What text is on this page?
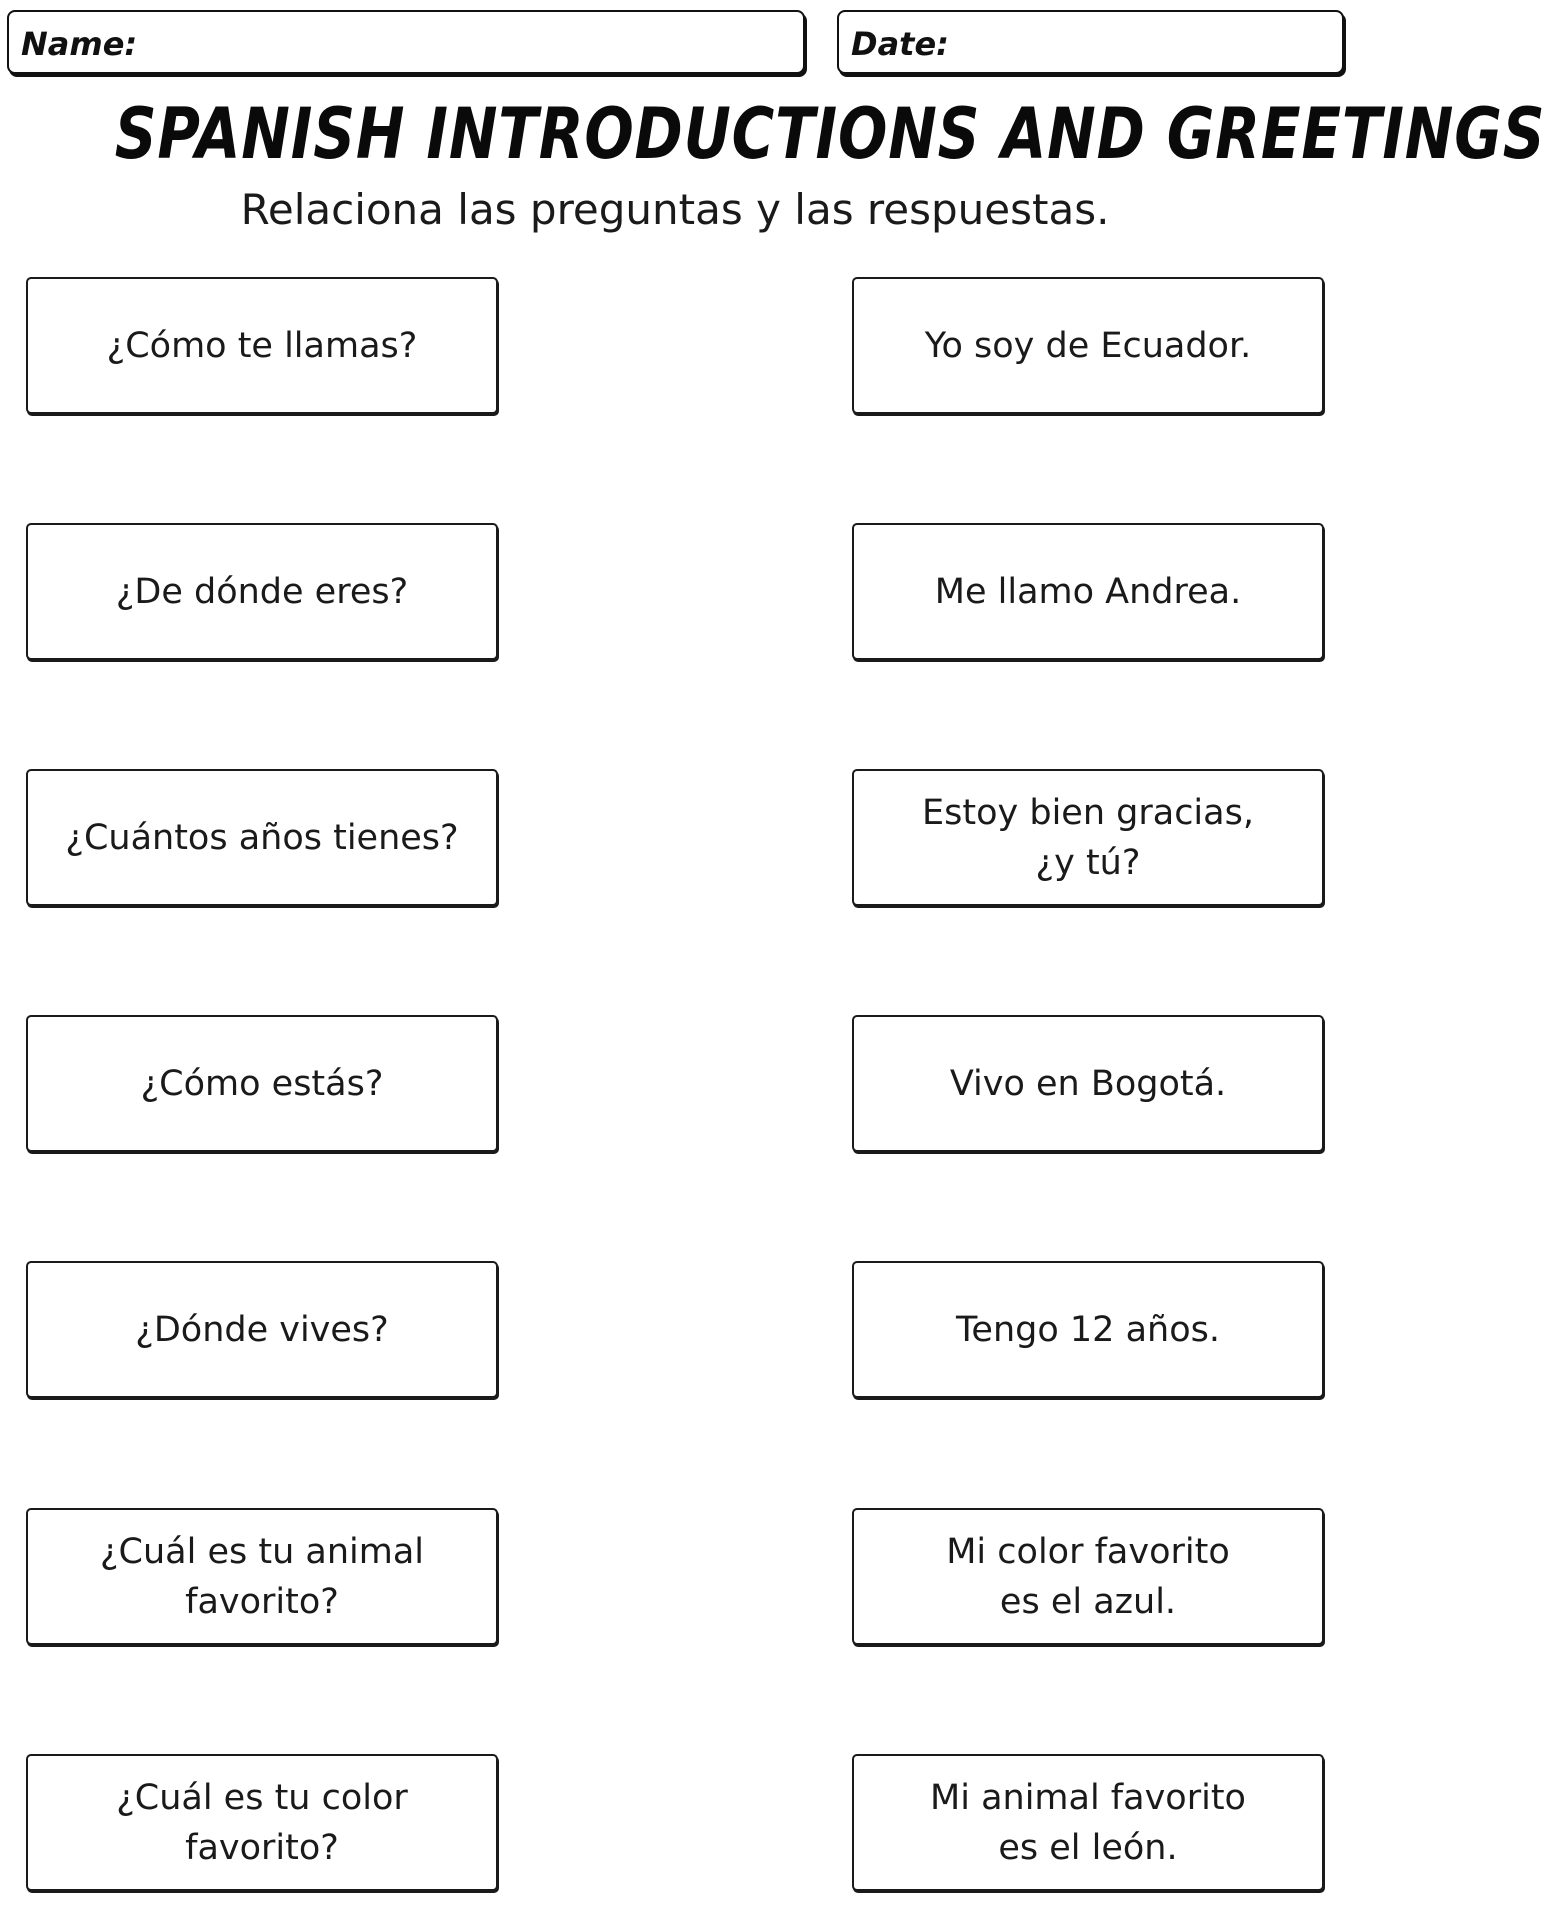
Name:	Date:
SPANISH INTRODUCTIONS AND GREETINGS
Relaciona las preguntas y las respuestas.
¿Cómo te llamas?
¿De dónde eres?
¿Cuántos años tienes?
¿Cómo estás?
¿Dónde vives?
¿Cuál es tu animal
favorito?
¿Cuál es tu color
favorito?
Yo soy de Ecuador.
Me llamo Andrea.
Estoy bien gracias,
¿y tú?
Vivo en Bogotá.
Tengo 12 años.
Mi color favorito
es el azul.
Mi animal favorito
es el león.
